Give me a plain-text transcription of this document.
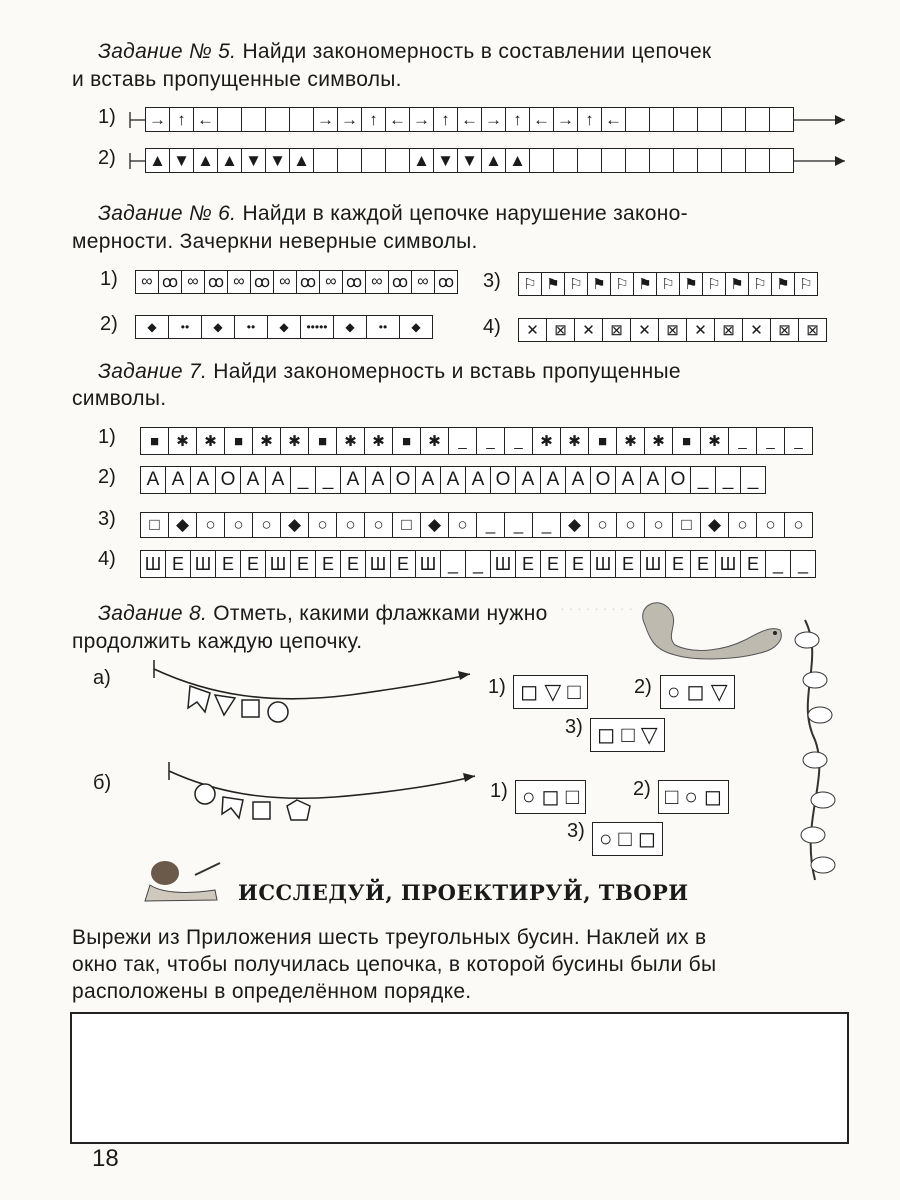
· · · · · · · · ·
Задание № 5. Найди закономерность в составлении цепочек
и вставь пропущенные символы.
1) → ↑ ←	→ → ↑ ← → ↑ ← → ↑ ← → ↑ ←
2) ▲ ▼ ▲ ▲ ▼ ▼ ▲	▲ ▼ ▼ ▲ ▲
Задание № 6. Найди в каждой цепочке нарушение законо-
мерности. Зачеркни неверные символы.
1)	∞ ꝏ ∞ ꝏ ∞ ꝏ ∞ ꝏ ∞ ꝏ ∞ ꝏ ∞ ꝏ
2)	◆	••	◆	••	◆	•••••	◆	••	◆
3) ⚐ ⚑ ⚐ ⚑ ⚐ ⚑ ⚐ ⚑ ⚐ ⚑ ⚐ ⚑ ⚐
4)	✕	⊠	✕	⊠	✕	⊠	✕	⊠	✕	⊠	⊠
Задание 7. Найди закономерность и вставь пропущенные
символы.
1)	■	✱	✱	■	✱	✱	■	✱	✱	■	✱	_	_	_	✱	✱	■	✱	✱	■	✱	_	_	_
2) А А А О А А _ _ А А О А А А О А А А О А А О _ _ _
3)	□ ◆ ○	○	○ ◆ ○	○	○	□ ◆ ○	_	_	_ ◆ ○	○	○	□ ◆ ○	○	○
4) Ш Е Ш Е Е Ш Е Е Е Ш Е Ш _ _ Ш Е Е Е Ш Е Ш Е Е Ш Е _ _
Задание 8. Отметь, какими флажками нужно
продолжить каждую цепочку.
а)	1) ◻ ▽ □	2) ○ ◻ ▽
3) ◻ □ ▽
б)	1) ○ ◻ □	2) □ ○ ◻
3) ○ □ ◻
ИССЛЕДУЙ, ПРОЕКТИРУЙ, ТВОРИ
Вырежи из Приложения шесть треугольных бусин. Наклей их в
окно так, чтобы получилась цепочка, в которой бусины были бы
расположены в определённом порядке.
18
